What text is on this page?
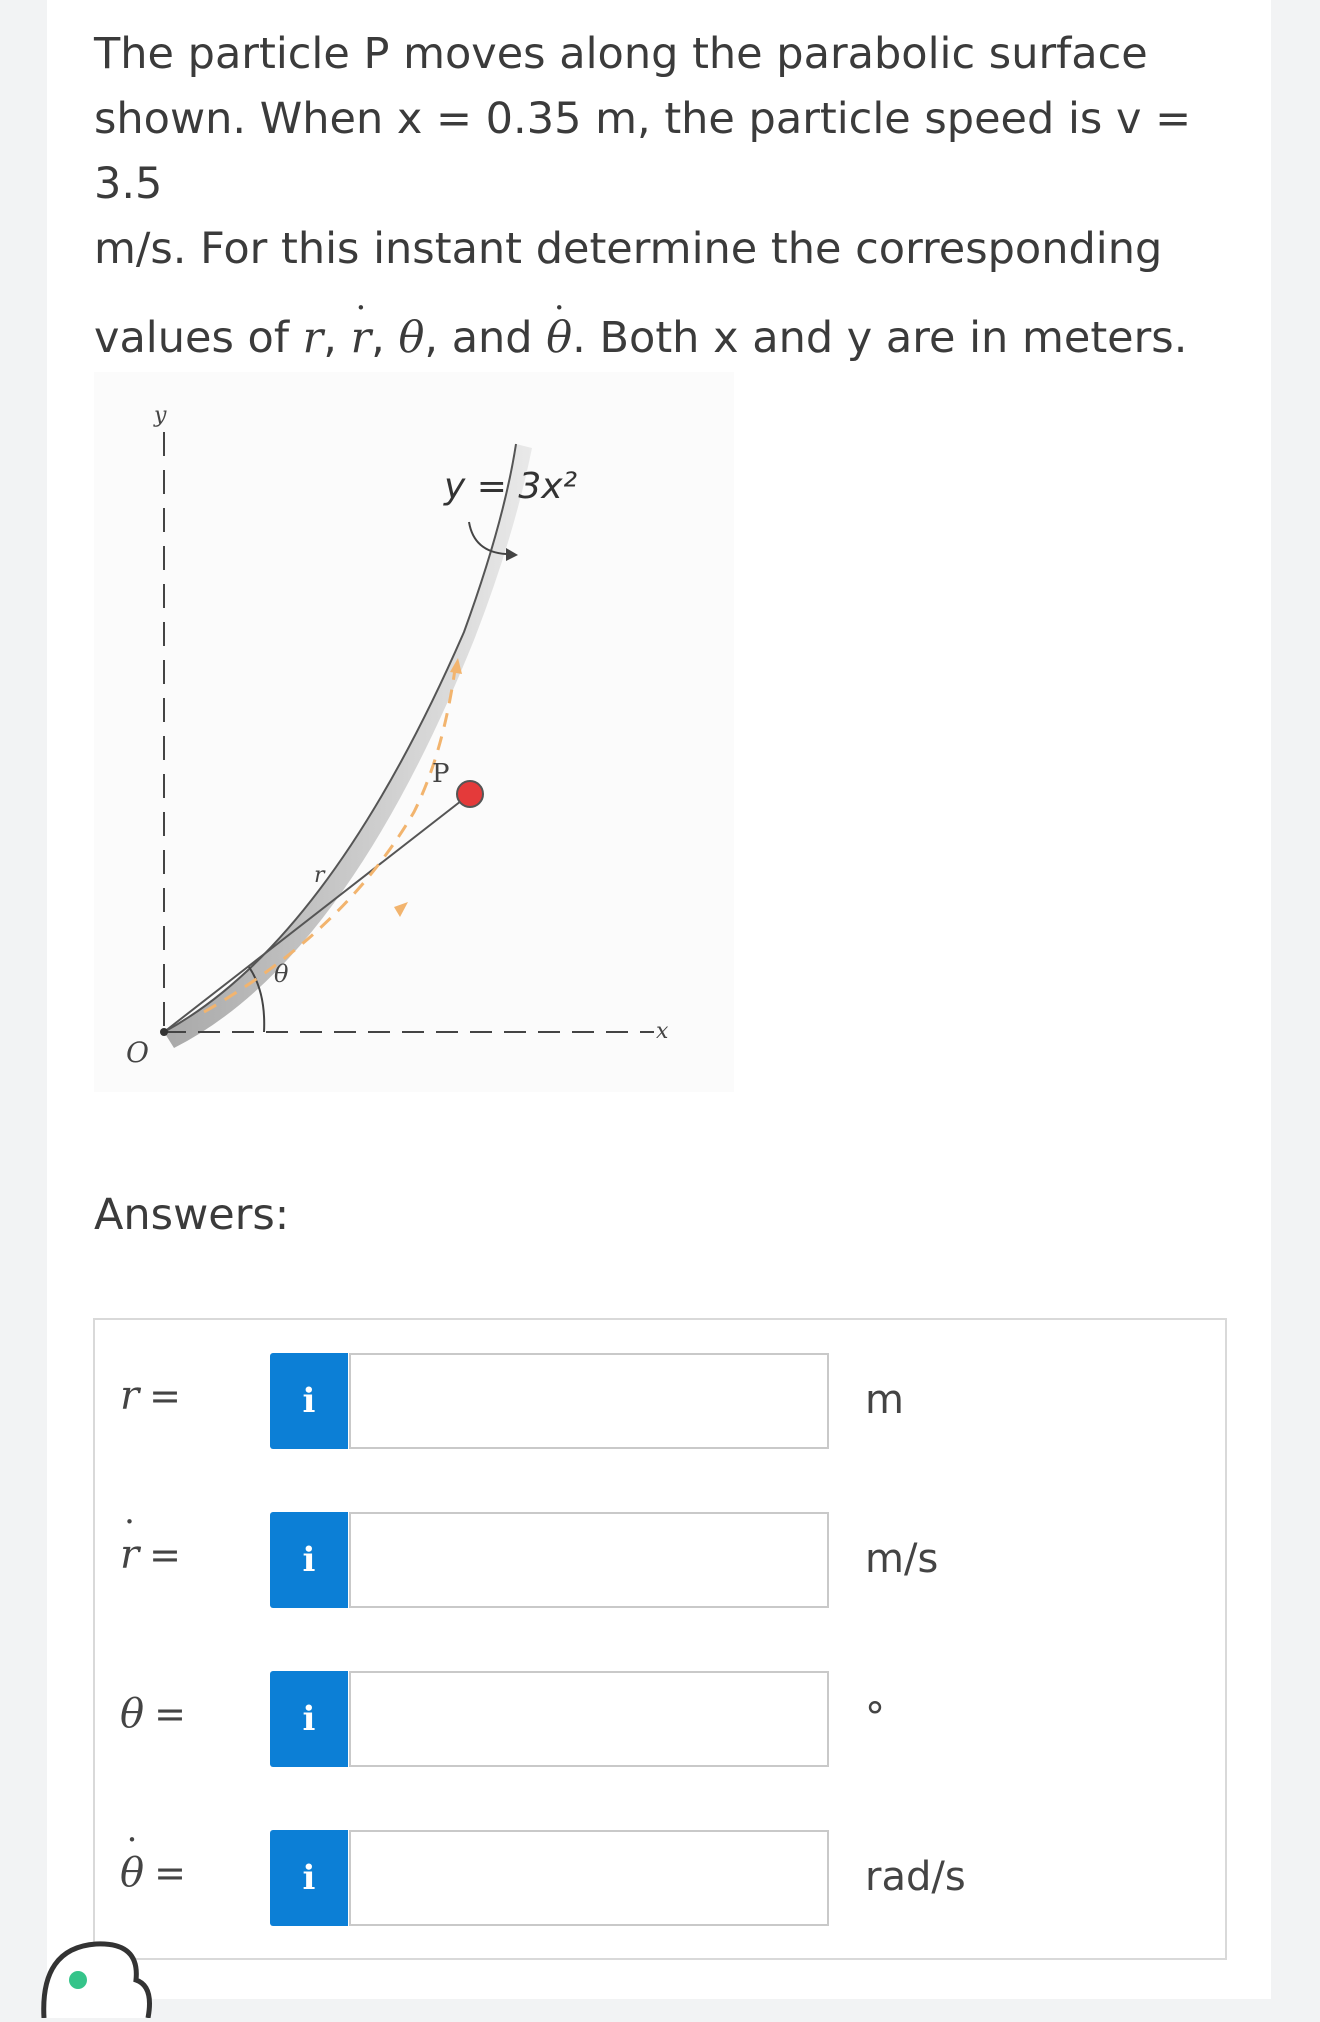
The particle P moves along the parabolic surface

shown. When x = 0.35 m, the particle speed is v = 3.5

m/s. For this instant determine the corresponding

values of r, r ·, θ, and θ ·. Both x and y are in meters.

y
x
O
y = 3x²
P
r
θ
Answers:
r =	i	m
r · =	i	m/s
θ =	i	°
θ · =	i	rad/s
